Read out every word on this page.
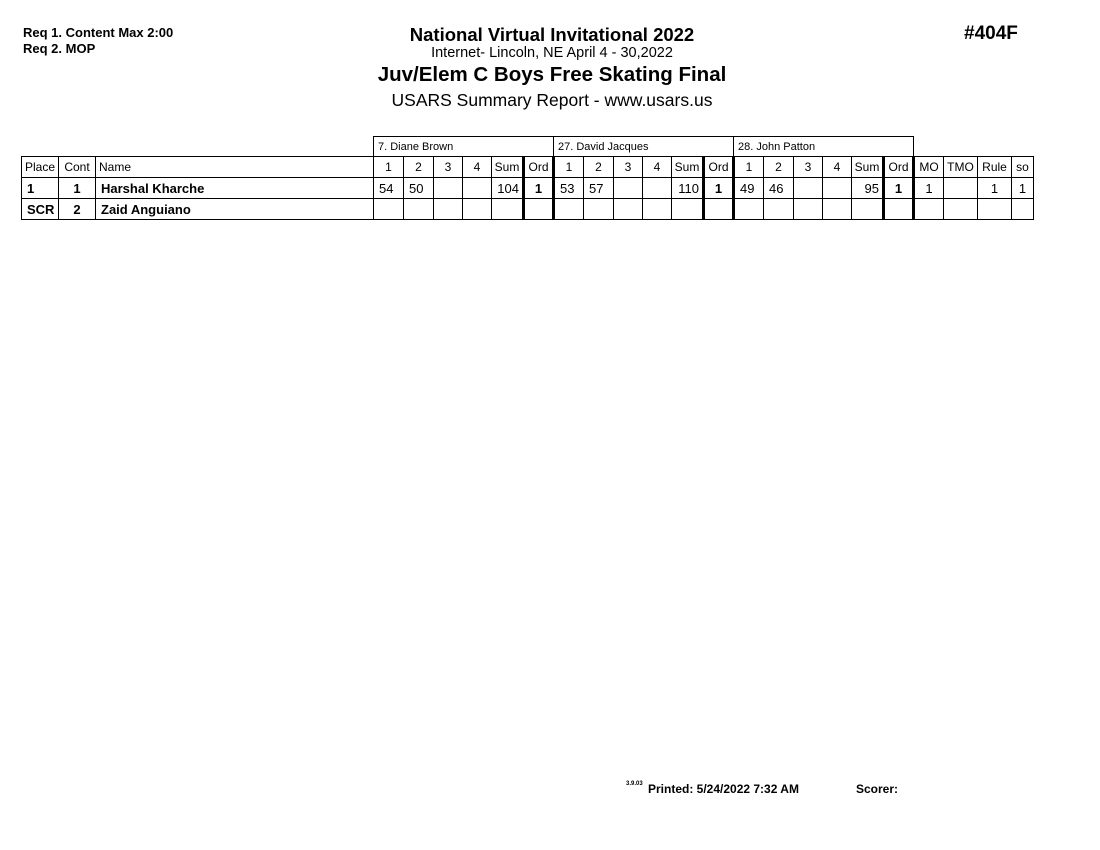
Req 1. Content Max 2:00
Req 2. MOP
National Virtual Invitational 2022
Internet- Lincoln, NE April 4 - 30,2022
Juv/Elem C Boys Free Skating Final
USARS Summary Report - www.usars.us
#404F
			7. Diane Brown						27. David Jacques						28. John Patton									
Place	Cont	Name	1	2	3	4	Sum	Ord	1	2	3	4	Sum	Ord	1	2	3	4	Sum	Ord	MO	TMO	Rule	so
1	1	Harshal Kharche	54	50			104	1	53	57			110	1	49	46			95	1	1		1	1
SCR	2	Zaid Anguiano																						
3.9.03 Printed: 5/24/2022 7:32 AM	Scorer:
